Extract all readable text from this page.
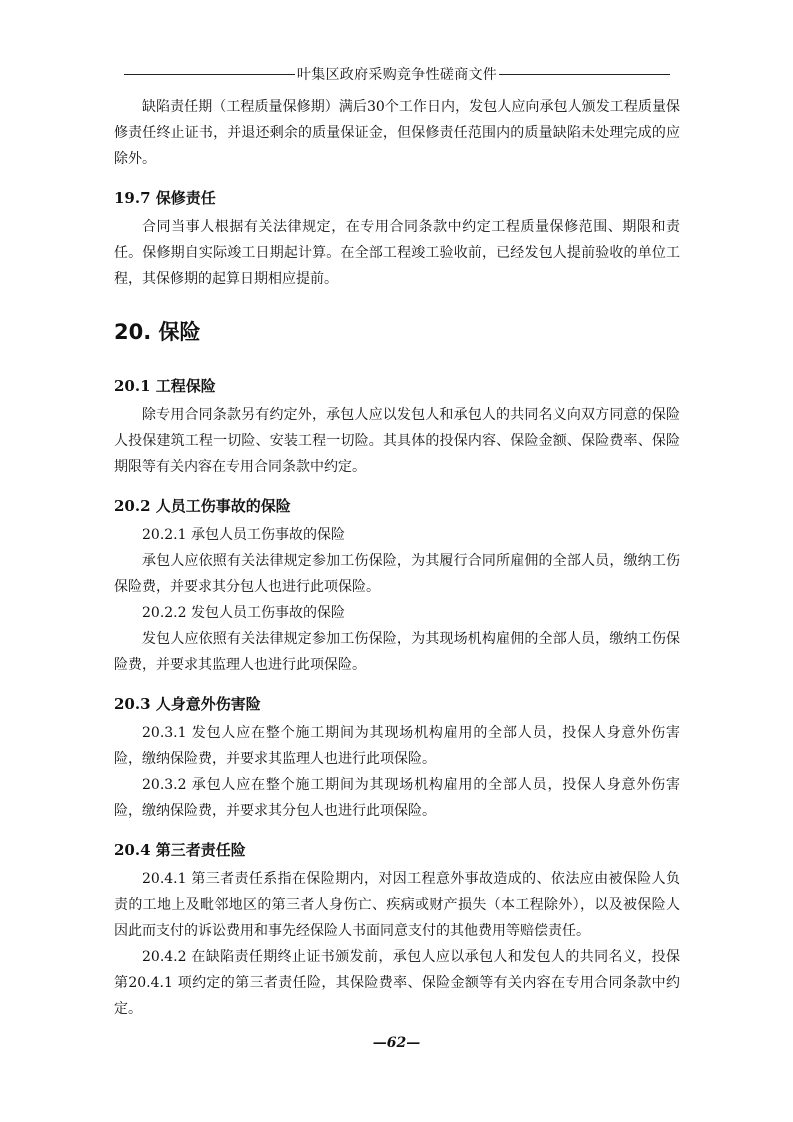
叶集区政府采购竞争性磋商文件

缺陷责任期（工程质量保修期）满后30个工作日内，发包人应向承包人颁发工程质量保修责任终止证书，并退还剩余的质量保证金，但保修责任范围内的质量缺陷未处理完成的应除外。

19.7 保修责任

合同当事人根据有关法律规定，在专用合同条款中约定工程质量保修范围、期限和责任。保修期自实际竣工日期起计算。在全部工程竣工验收前，已经发包人提前验收的单位工程，其保修期的起算日期相应提前。

20. 保险
20.1 工程保险

除专用合同条款另有约定外，承包人应以发包人和承包人的共同名义向双方同意的保险人投保建筑工程一切险、安装工程一切险。其具体的投保内容、保险金额、保险费率、保险期限等有关内容在专用合同条款中约定。

20.2 人员工伤事故的保险

20.2.1 承包人员工伤事故的保险

承包人应依照有关法律规定参加工伤保险，为其履行合同所雇佣的全部人员，缴纳工伤保险费，并要求其分包人也进行此项保险。

20.2.2 发包人员工伤事故的保险

发包人应依照有关法律规定参加工伤保险，为其现场机构雇佣的全部人员，缴纳工伤保险费，并要求其监理人也进行此项保险。

20.3 人身意外伤害险

20.3.1 发包人应在整个施工期间为其现场机构雇用的全部人员，投保人身意外伤害险，缴纳保险费，并要求其监理人也进行此项保险。

20.3.2 承包人应在整个施工期间为其现场机构雇用的全部人员，投保人身意外伤害险，缴纳保险费，并要求其分包人也进行此项保险。

20.4 第三者责任险

20.4.1 第三者责任系指在保险期内，对因工程意外事故造成的、依法应由被保险人负责的工地上及毗邻地区的第三者人身伤亡、疾病或财产损失（本工程除外），以及被保险人因此而支付的诉讼费用和事先经保险人书面同意支付的其他费用等赔偿责任。

20.4.2 在缺陷责任期终止证书颁发前，承包人应以承包人和发包人的共同名义，投保第20.4.1 项约定的第三者责任险，其保险费率、保险金额等有关内容在专用合同条款中约定。

—62—
